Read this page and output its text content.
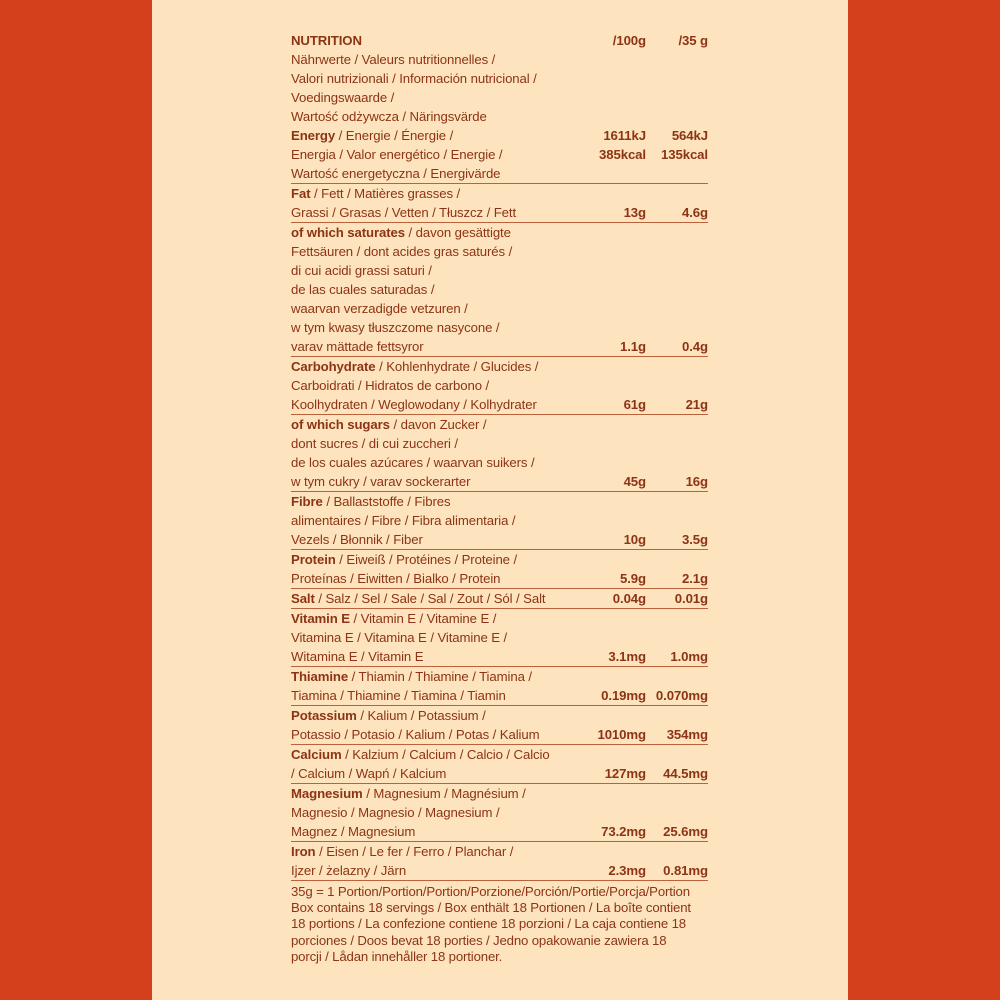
NUTRITION	/100g /35 g
Nährwerte / Valeurs nutritionnelles /
Valori nutrizionali / Información nutricional /
Voedingswaarde /
Wartość odżywcza / Näringsvärde
Energy / Energie / Énergie /	1611kJ 564kJ
Energia / Valor energético / Energie /	385kcal 135kcal
Wartość energetyczna / Energivärde
Fat / Fett / Matières grasses /
Grassi / Grasas / Vetten / Tłuszcz / Fett	13g	4.6g
of which saturates / davon gesättigte
Fettsäuren / dont acides gras saturés /
di cui acidi grassi saturi /
de las cuales saturadas /
waarvan verzadigde vetzuren /
w tym kwasy tłuszczome nasycone /
varav mättade fettsyror	1.1g	0.4g
Carbohydrate / Kohlenhydrate / Glucides /
Carboidrati / Hidratos de carbono /
Koolhydraten / Weglowodany / Kolhydrater	61g	21g
of which sugars / davon Zucker /
dont sucres / di cui zuccheri /
de los cuales azúcares / waarvan suikers /
w tym cukry / varav sockerarter	45g	16g
Fibre / Ballaststoffe / Fibres
alimentaires / Fibre / Fibra alimentaria /
Vezels / Błonnik / Fiber	10g	3.5g
Protein / Eiweiß / Protéines / Proteine /
Proteínas / Eiwitten / Bialko / Protein	5.9g	2.1g
Salt / Salz / Sel / Sale / Sal / Zout / Sól / Salt	0.04g 0.01g
Vitamin E / Vitamin E / Vitamine E /
Vitamina E / Vitamina E / Vitamine E /
Witamina E / Vitamin E	3.1mg 1.0mg
Thiamine / Thiamin / Thiamine / Tiamina /
Tiamina / Thiamine / Tiamina / Tiamin	0.19mg 0.070mg
Potassium / Kalium / Potassium /
Potassio / Potasio / Kalium / Potas / Kalium	1010mg 354mg
Calcium / Kalzium / Calcium / Calcio / Calcio
/ Calcium / Wapń / Kalcium	127mg 44.5mg
Magnesium / Magnesium / Magnésium /
Magnesio / Magnesio / Magnesium /
Magnez / Magnesium	73.2mg 25.6mg
Iron / Eisen / Le fer / Ferro / Planchar /
Ijzer / żelazny / Järn	2.3mg 0.81mg
35g = 1 Portion/Portion/Portion/Porzione/Porción/Portie/Porcja/Portion
Box contains 18 servings / Box enthält 18 Portionen / La boîte contient
18 portions / La confezione contiene 18 porzioni / La caja contiene 18
porciones / Doos bevat 18 porties / Jedno opakowanie zawiera 18
porcji / Lådan innehåller 18 portioner.
